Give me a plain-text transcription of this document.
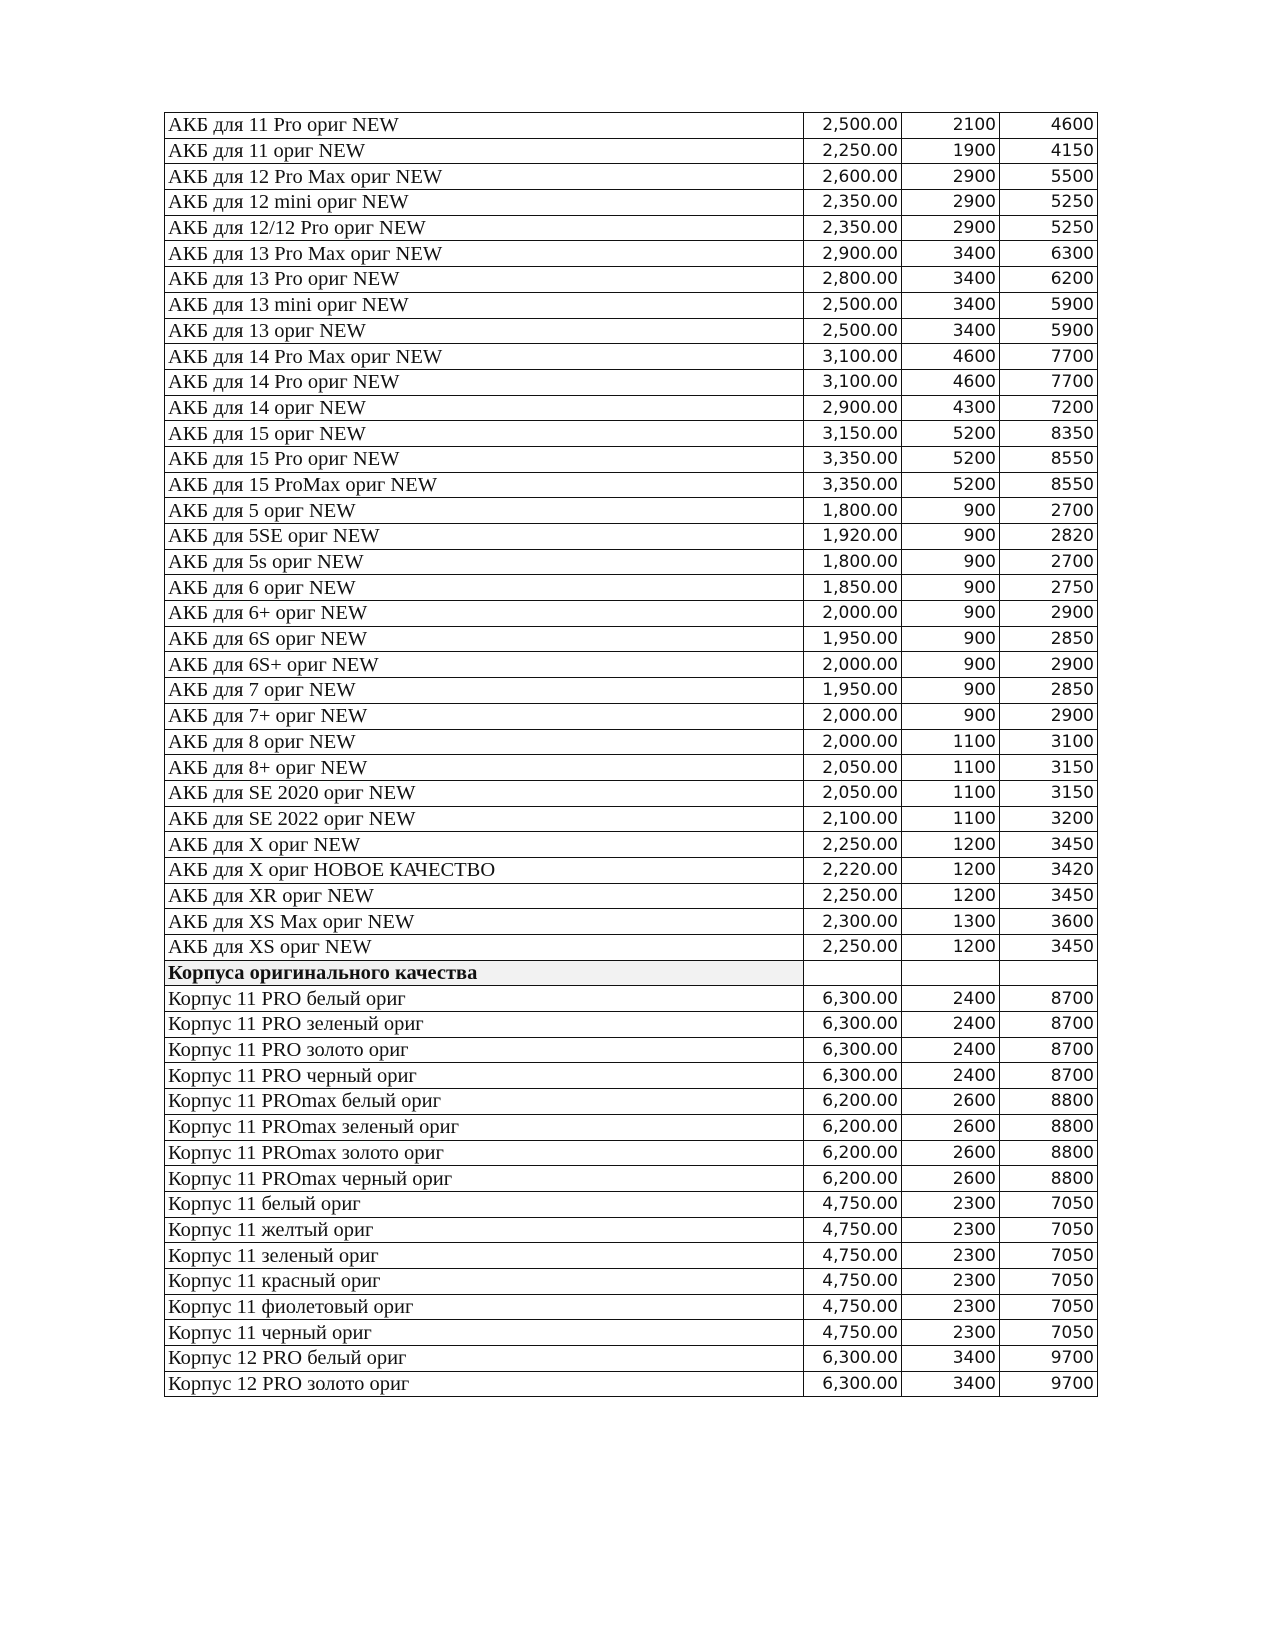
АКБ для 11 Pro ориг NEW	2,500.00	2100	4600
АКБ для 11 ориг NEW	2,250.00	1900	4150
АКБ для 12 Pro Max ориг NEW	2,600.00	2900	5500
АКБ для 12 mini ориг NEW	2,350.00	2900	5250
АКБ для 12/12 Pro ориг NEW	2,350.00	2900	5250
АКБ для 13 Pro Max ориг NEW	2,900.00	3400	6300
АКБ для 13 Pro ориг NEW	2,800.00	3400	6200
АКБ для 13 mini ориг NEW	2,500.00	3400	5900
АКБ для 13 ориг NEW	2,500.00	3400	5900
АКБ для 14 Pro Max ориг NEW	3,100.00	4600	7700
АКБ для 14 Pro ориг NEW	3,100.00	4600	7700
АКБ для 14 ориг NEW	2,900.00	4300	7200
АКБ для 15 ориг NEW	3,150.00	5200	8350
АКБ для 15 Pro ориг NEW	3,350.00	5200	8550
АКБ для 15 ProMax ориг NEW	3,350.00	5200	8550
АКБ для 5 ориг NEW	1,800.00	900	2700
АКБ для 5SE ориг NEW	1,920.00	900	2820
АКБ для 5s ориг NEW	1,800.00	900	2700
АКБ для 6 ориг NEW	1,850.00	900	2750
АКБ для 6+ ориг NEW	2,000.00	900	2900
АКБ для 6S ориг NEW	1,950.00	900	2850
АКБ для 6S+ ориг NEW	2,000.00	900	2900
АКБ для 7 ориг NEW	1,950.00	900	2850
АКБ для 7+ ориг NEW	2,000.00	900	2900
АКБ для 8 ориг NEW	2,000.00	1100	3100
АКБ для 8+ ориг NEW	2,050.00	1100	3150
АКБ для SE 2020 ориг NEW	2,050.00	1100	3150
АКБ для SE 2022 ориг NEW	2,100.00	1100	3200
АКБ для X ориг NEW	2,250.00	1200	3450
АКБ для X ориг НОВОЕ КАЧЕСТВО	2,220.00	1200	3420
АКБ для XR ориг NEW	2,250.00	1200	3450
АКБ для XS Max ориг NEW	2,300.00	1300	3600
АКБ для XS ориг NEW	2,250.00	1200	3450
Корпуса оригинального качества			
Корпус 11 PRO белый ориг	6,300.00	2400	8700
Корпус 11 PRO зеленый ориг	6,300.00	2400	8700
Корпус 11 PRO золото ориг	6,300.00	2400	8700
Корпус 11 PRO черный ориг	6,300.00	2400	8700
Корпус 11 PROmax белый ориг	6,200.00	2600	8800
Корпус 11 PROmax зеленый ориг	6,200.00	2600	8800
Корпус 11 PROmax золото ориг	6,200.00	2600	8800
Корпус 11 PROmax черный ориг	6,200.00	2600	8800
Корпус 11 белый ориг	4,750.00	2300	7050
Корпус 11 желтый ориг	4,750.00	2300	7050
Корпус 11 зеленый ориг	4,750.00	2300	7050
Корпус 11 красный ориг	4,750.00	2300	7050
Корпус 11 фиолетовый ориг	4,750.00	2300	7050
Корпус 11 черный ориг	4,750.00	2300	7050
Корпус 12 PRO белый ориг	6,300.00	3400	9700
Корпус 12 PRO золото ориг	6,300.00	3400	9700
